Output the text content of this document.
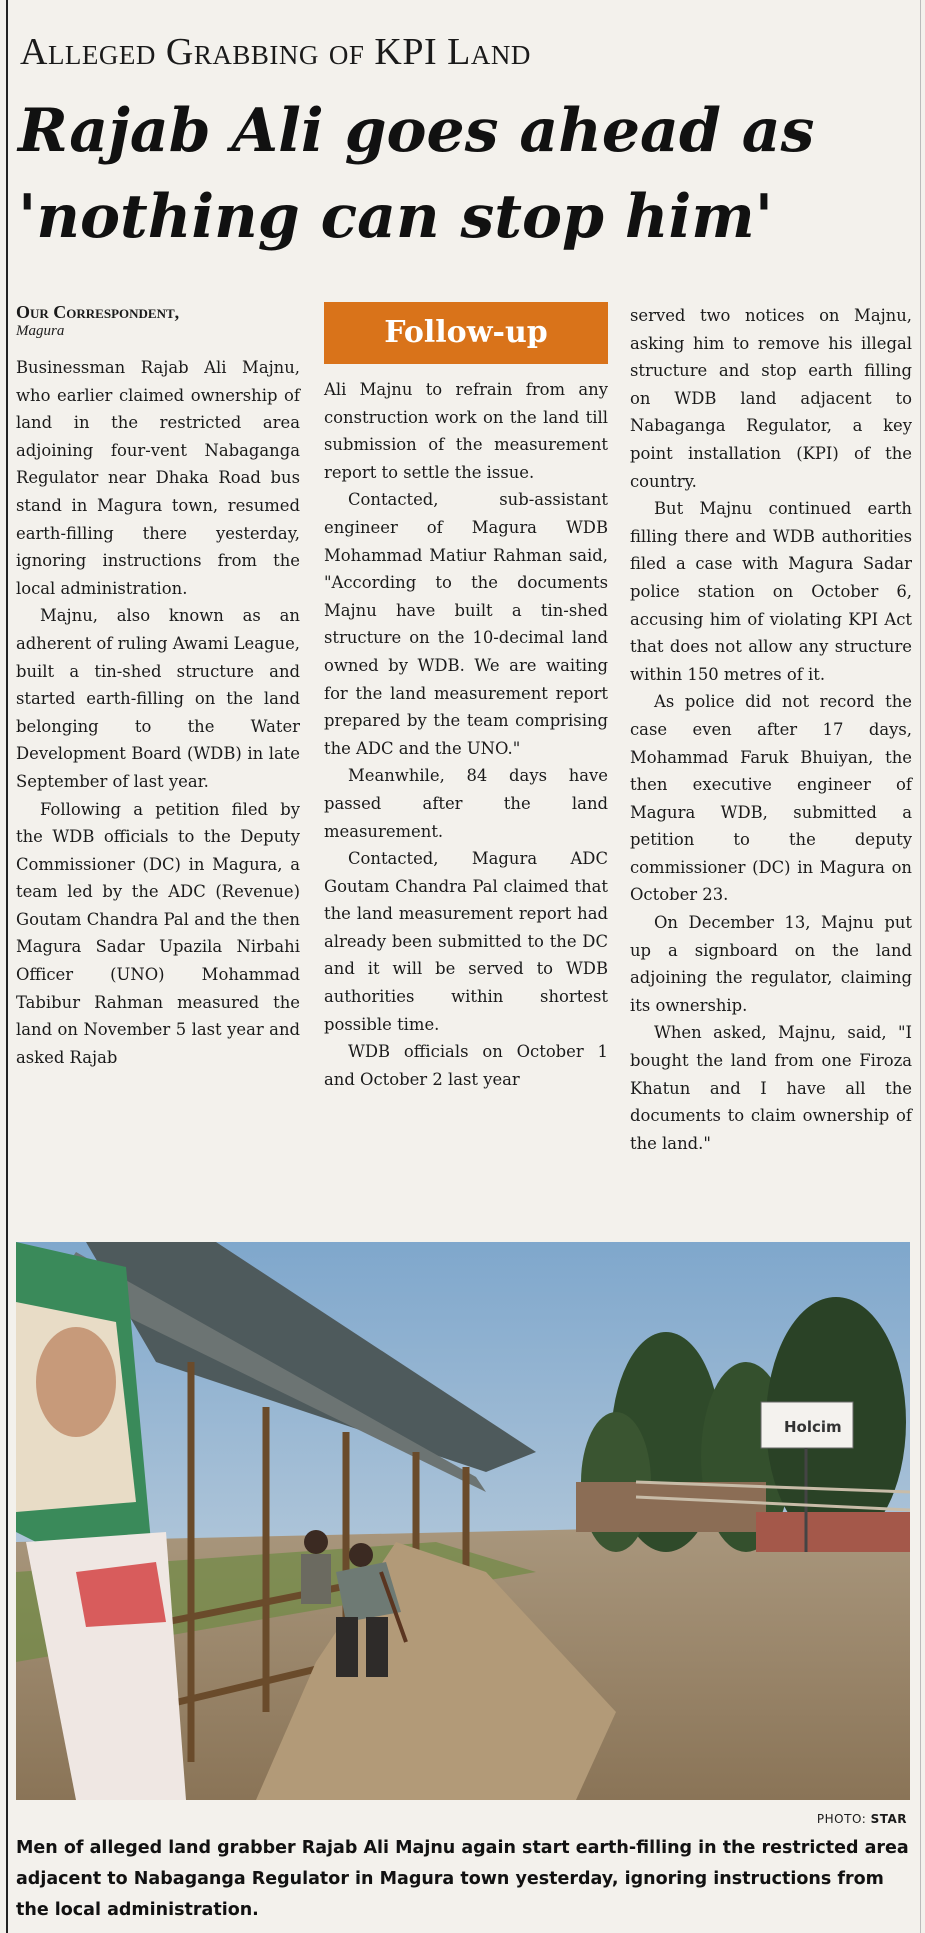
Alleged Grabbing of KPI Land
Rajab Ali goes ahead as
'nothing can stop him'
Our Correspondent,
Magura

Businessman Rajab Ali Majnu, who earlier claimed ownership of land in the restricted area adjoining four-vent Nabaganga Regulator near Dhaka Road bus stand in Magura town, resumed earth-filling there yesterday, ignoring instructions from the local administration.

Majnu, also known as an adherent of ruling Awami League, built a tin-shed structure and started earth-filling on the land belonging to the Water Development Board (WDB) in late September of last year.

Following a petition filed by the WDB officials to the Deputy Commissioner (DC) in Magura, a team led by the ADC (Revenue) Goutam Chandra Pal and the then Magura Sadar Upazila Nirbahi Officer (UNO) Mohammad Tabibur Rahman measured the land on November 5 last year and asked Rajab

Follow-up

Ali Majnu to refrain from any construction work on the land till submission of the measurement report to settle the issue.

Contacted, sub-assistant engineer of Magura WDB Mohammad Matiur Rahman said, "According to the documents Majnu have built a tin-shed structure on the 10-decimal land owned by WDB. We are waiting for the land measurement report prepared by the team comprising the ADC and the UNO."

Meanwhile, 84 days have passed after the land measurement.

Contacted, Magura ADC Goutam Chandra Pal claimed that the land measurement report had already been submitted to the DC and it will be served to WDB authorities within shortest possible time.

WDB officials on October 1 and October 2 last year

served two notices on Majnu, asking him to remove his illegal structure and stop earth filling on WDB land adjacent to Nabaganga Regulator, a key point installation (KPI) of the country.

But Majnu continued earth filling there and WDB authorities filed a case with Magura Sadar police station on October 6, accusing him of violating KPI Act that does not allow any structure within 150 metres of it.

As police did not record the case even after 17 days, Mohammad Faruk Bhuiyan, the then executive engineer of Magura WDB, submitted a petition to the deputy commissioner (DC) in Magura on October 23.

On December 13, Majnu put up a signboard on the land adjoining the regulator, claiming its ownership.

When asked, Majnu, said, "I bought the land from one Firoza Khatun and I have all the documents to claim ownership of the land."

Holcim
PHOTO: STAR
Men of alleged land grabber Rajab Ali Majnu again start earth-filling in the restricted area
adjacent to Nabaganga Regulator in Magura town yesterday, ignoring instructions from
the local administration.
